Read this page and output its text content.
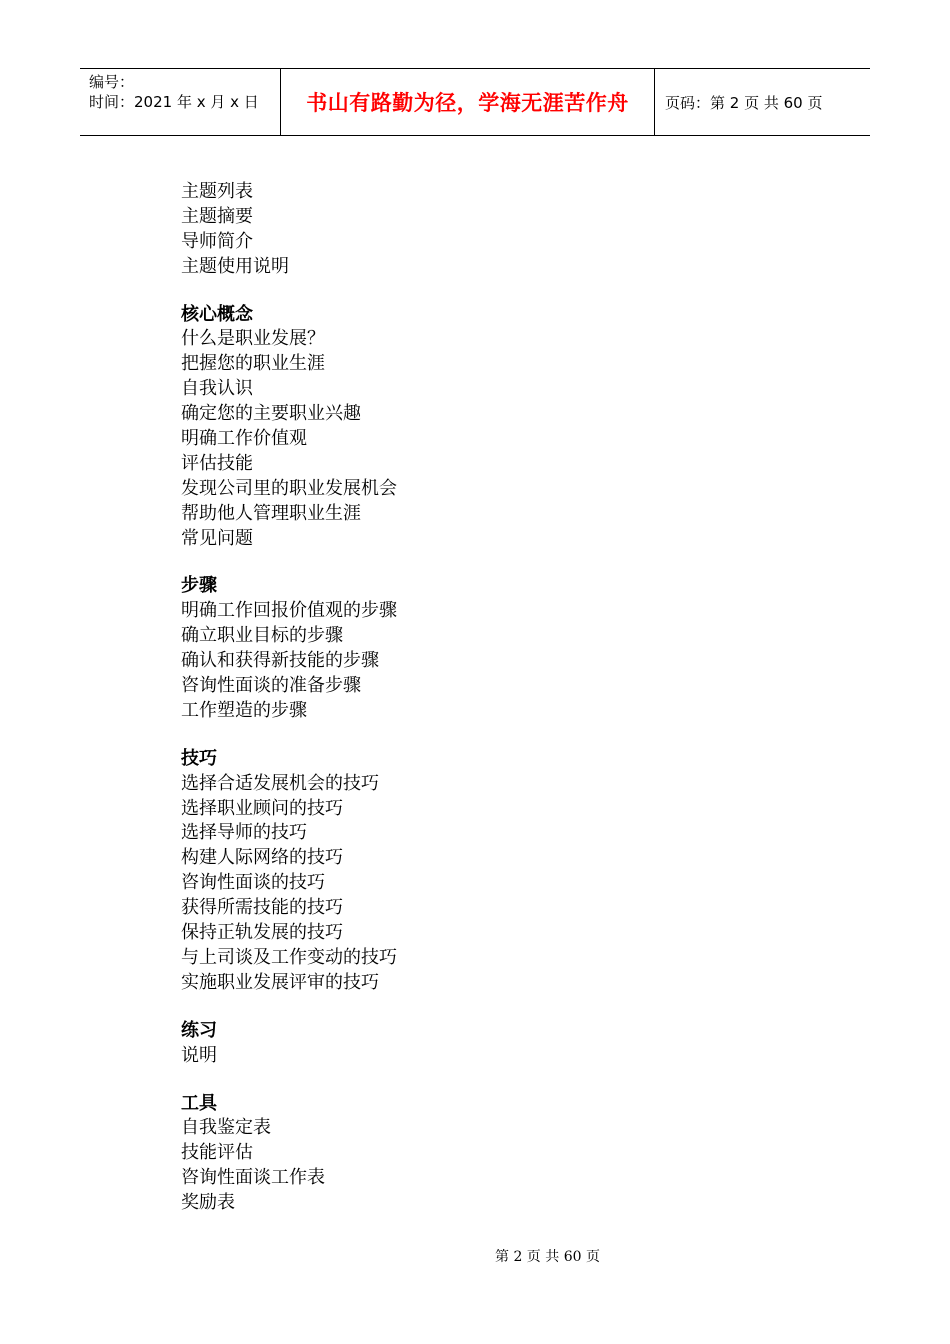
编号：
时间：2021 年 x 月 x 日	书山有路勤为径，学海无涯苦作舟	页码：第 2 页 共 60 页
主题列表
主题摘要
导师简介
主题使用说明
核心概念
什么是职业发展？
把握您的职业生涯
自我认识
确定您的主要职业兴趣
明确工作价值观
评估技能
发现公司里的职业发展机会
帮助他人管理职业生涯
常见问题
步骤
明确工作回报价值观的步骤
确立职业目标的步骤
确认和获得新技能的步骤
咨询性面谈的准备步骤
工作塑造的步骤
技巧
选择合适发展机会的技巧
选择职业顾问的技巧
选择导师的技巧
构建人际网络的技巧
咨询性面谈的技巧
获得所需技能的技巧
保持正轨发展的技巧
与上司谈及工作变动的技巧
实施职业发展评审的技巧
练习
说明
工具
自我鉴定表
技能评估
咨询性面谈工作表
奖励表
第 2 页 共 60 页
